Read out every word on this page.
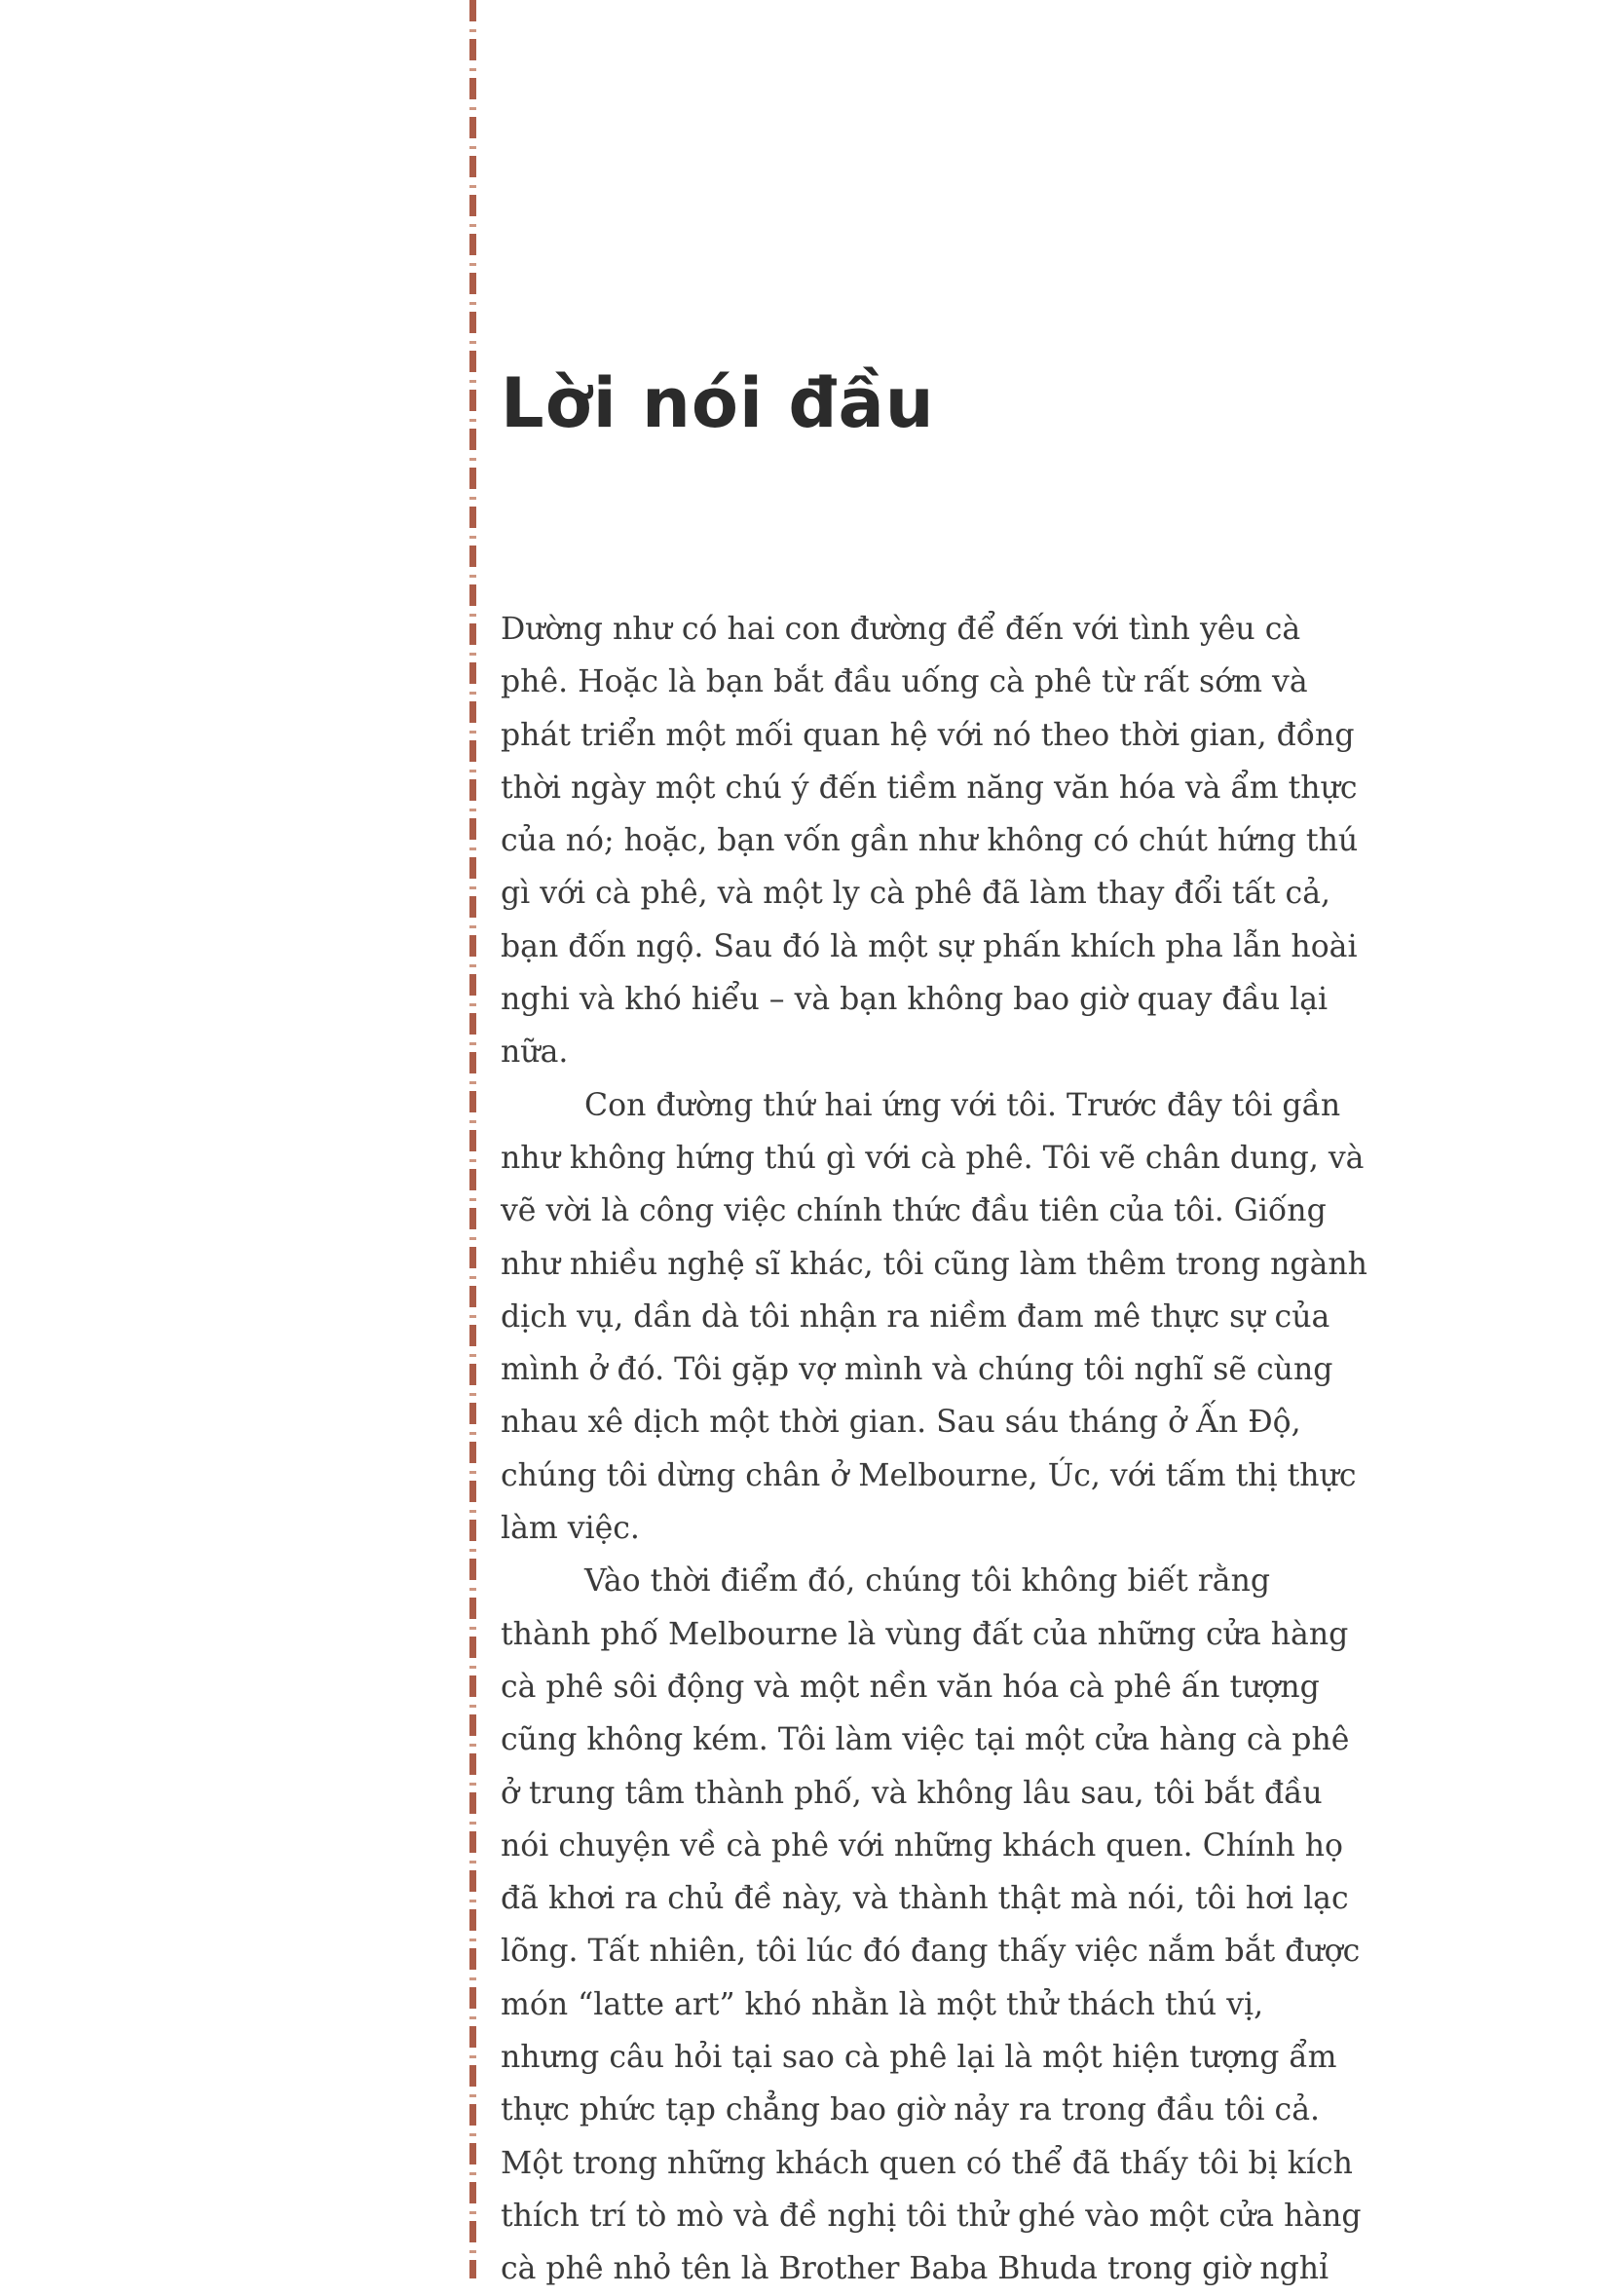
Lời nói đầu

Dường như có hai con đường để đến với tình yêu cà phê. Hoặc là bạn bắt đầu uống cà phê từ rất sớm và phát triển một mối quan hệ với nó theo thời gian, đồng thời ngày một chú ý đến tiềm năng văn hóa và ẩm thực của nó; hoặc, bạn vốn gần như không có chút hứng thú gì với cà phê, và một ly cà phê đã làm thay đổi tất cả, bạn đốn ngộ. Sau đó là một sự phấn khích pha lẫn hoài nghi và khó hiểu – và bạn không bao giờ quay đầu lại nữa.

Con đường thứ hai ứng với tôi. Trước đây tôi gần như không hứng thú gì với cà phê. Tôi vẽ chân dung, và vẽ vời là công việc chính thức đầu tiên của tôi. Giống như nhiều nghệ sĩ khác, tôi cũng làm thêm trong ngành dịch vụ, dần dà tôi nhận ra niềm đam mê thực sự của mình ở đó. Tôi gặp vợ mình và chúng tôi nghĩ sẽ cùng nhau xê dịch một thời gian. Sau sáu tháng ở Ấn Độ, chúng tôi dừng chân ở Melbourne, Úc, với tấm thị thực làm việc.

Vào thời điểm đó, chúng tôi không biết rằng thành phố Melbourne là vùng đất của những cửa hàng cà phê sôi động và một nền văn hóa cà phê ấn tượng cũng không kém. Tôi làm việc tại một cửa hàng cà phê ở trung tâm thành phố, và không lâu sau, tôi bắt đầu nói chuyện về cà phê với những khách quen. Chính họ đã khơi ra chủ đề này, và thành thật mà nói, tôi hơi lạc lõng. Tất nhiên, tôi lúc đó đang thấy việc nắm bắt được món “latte art” khó nhằn là một thử thách thú vị, nhưng câu hỏi tại sao cà phê lại là một hiện tượng ẩm thực phức tạp chẳng bao giờ nảy ra trong đầu tôi cả. Một trong những khách quen có thể đã thấy tôi bị kích thích trí tò mò và đề nghị tôi thử ghé vào một cửa hàng cà phê nhỏ tên là Brother Baba Bhuda trong giờ nghỉ
